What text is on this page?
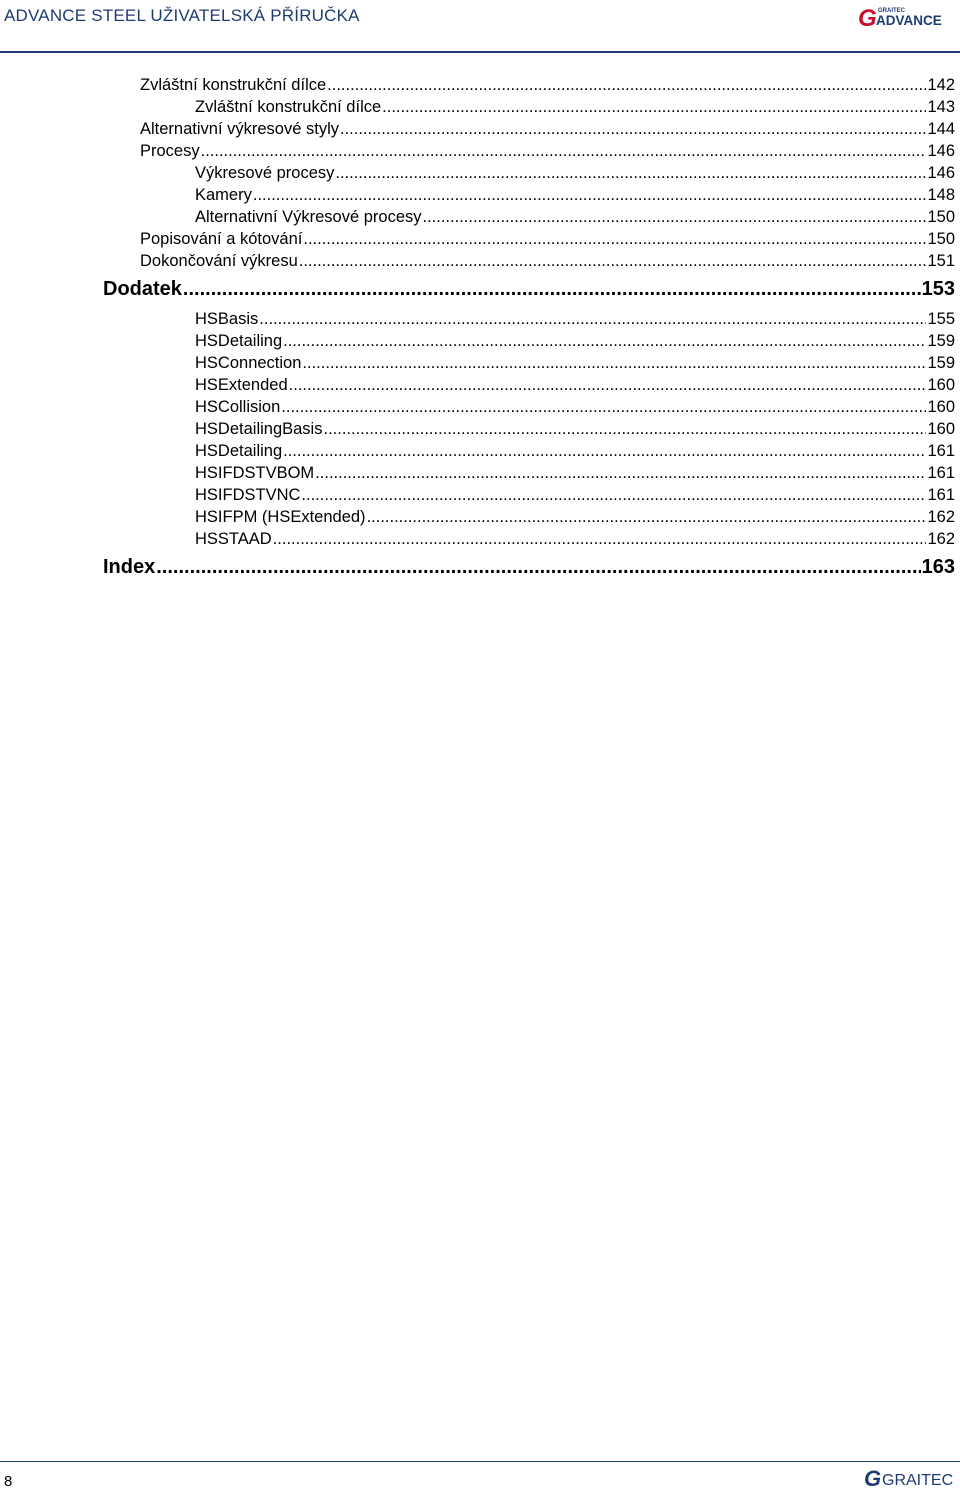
ADVANCE STEEL UŽIVATELSKÁ PŘÍRUČKA	G GRAITEC
ADVANCE
Zvláštní konstrukční dílce .....	142
Zvláštní konstrukční dílce .....	143
Alternativní výkresové styly .....	144
Procesy .....	146
Výkresové procesy .....	146
Kamery .....	148
Alternativní Výkresové procesy .....	150
Popisování a kótování .....	150
Dokončování výkresu .....	151
Dodatek .....	153
HSBasis .....	155
HSDetailing .....	159
HSConnection .....	159
HSExtended .....	160
HSCollision .....	160
HSDetailingBasis .....	160
HSDetailing .....	161
HSIFDSTVBOM .....	161
HSIFDSTVNC .....	161
HSIFPM (HSExtended) .....	162
HSSTAAD .....	162
Index .....	163
8	G GRAITEC
